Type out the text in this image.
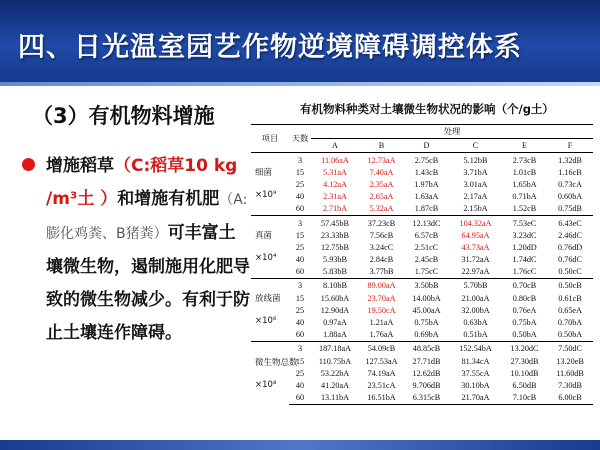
四、日光温室园艺作物逆境障碍调控体系
（3）有机物料增施
增施稻草（C:稻草10 kg /m³土 ）和增施有机肥（A:膨化鸡粪、B猪粪）可丰富土壤微生物，遏制施用化肥导致的微生物减少。有利于防止土壤连作障碍。
有机物料种类对土壤微生物状况的影响（个/g土）
项目	天数	处理					
		A	B	D	C	E	F

细菌
×10⁹	3	11.06aA	12.73aA	2.75cB	5.12bB	2.73cB	1.32dB
	15	5.31aA	7.40aA	1.43cB	3.71bA	1.01cB	1.16cB
	25	4.12aA	2.35aA	1.97bA	3.01aA	1.65bA	0.73cA
	40	2.31aA	2.65aA	1.63aA	2.17aA	0.71bA	0.60bA
	60	2.71bA	5.32aA	1.87cB	2.15bA	1.52cB	0.75dB

真菌
×10⁴	3	57.45bB	37.23cB	12.13dC	104.32aA	7.53eC	6.43eC
	15	23.33bB	7.56cB	6.57cB	64.95aA	3.23dC	2.46dC
	25	12.75bB	3.24cC	2.51cC	43.73aA	1.20dD	0.76dD
	40	5.93bB	2.84cB	2.45cB	31.72aA	1.74dC	0.76dC
	60	5.83bB	3.77bB	1.75cC	22.97aA	1.76cC	0.50cC

放线菌
×10⁶	3	8.10bB	89.00aA	3.50bB	5.70bB	0.70cB	0.50cB
	15	15.60bA	23.70aA	14.00bA	21.00aA	0.80cB	0.61cB
	25	12.90dA	19.50cA	45.00aA	32.00bA	0.76eA	0.65eA
	40	0.97aA	1.21aA	0.75bA	0.63bA	0.75bA	0.70bA
	60	1.88aA	1.76aA	0.69bA	0.51bA	0.50bA	0.50bA

微生物总数
×10⁸	3	187.18aA	54.09cB	48.85cB	152.54bA	13.20dC	7.50dC
	15	110.75bA	127.53aA	27.71dB	81.34cA	27.30dB	13.20eB
	25	53.22bA	74.19aA	12.62dB	37.55cA	10.10dB	11.60dB
	40	41.20aA	23.51cA	9.706dB	30.10bA	6.50dB	7.30dB
	60	13.11bA	16.51bA	6.315cB	21.70aA	7.10cB	6.00cB
